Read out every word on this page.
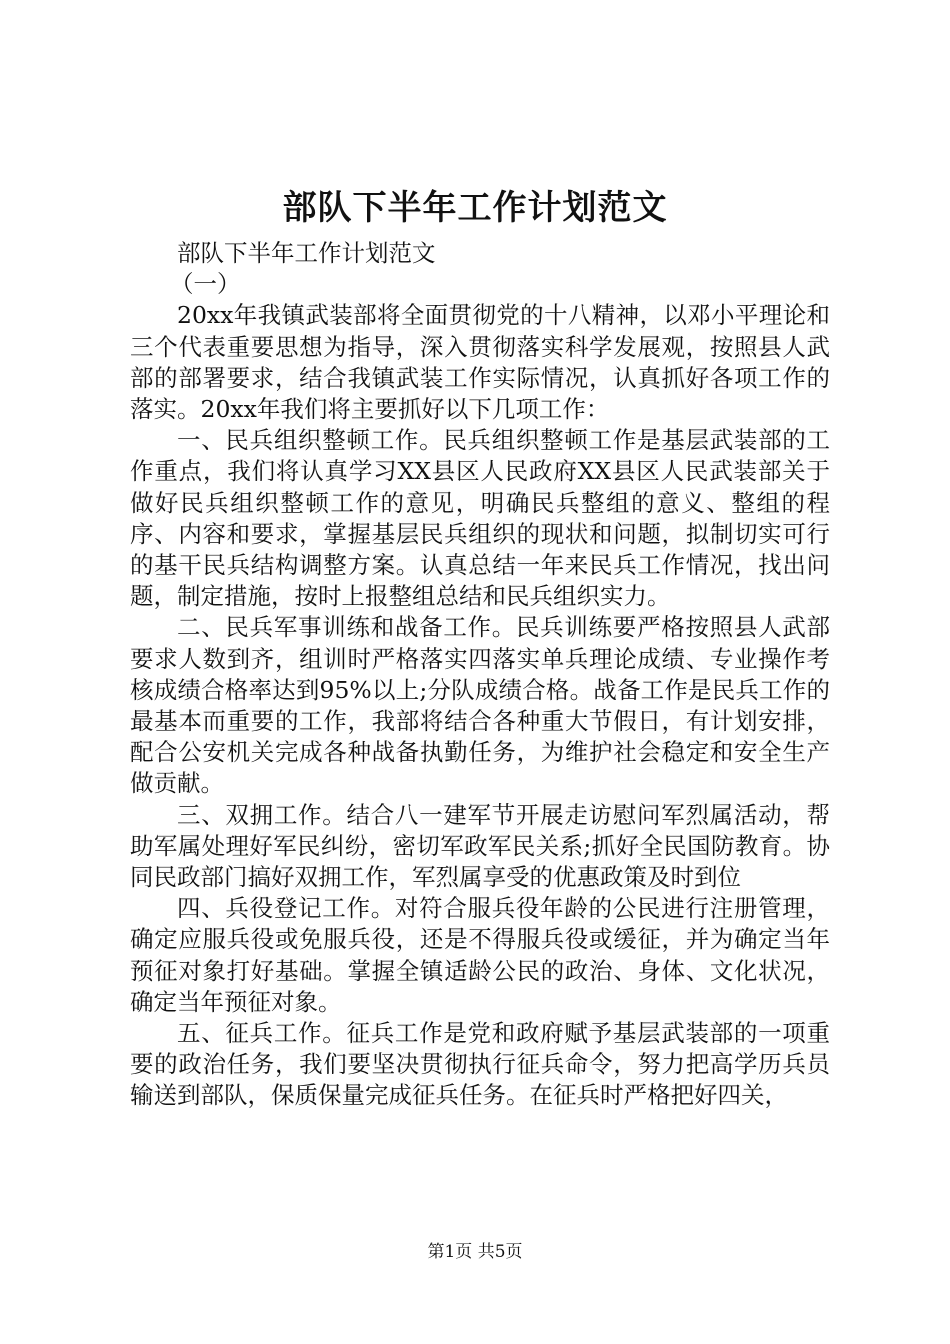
部队下半年工作计划范文

部队下半年工作计划范文

（一）

20xx年我镇武装部将全面贯彻党的十八精神，以邓小平理论和三个代表重要思想为指导，深入贯彻落实科学发展观，按照县人武部的部署要求，结合我镇武装工作实际情况，认真抓好各项工作的落实。20xx年我们将主要抓好以下几项工作：

一、民兵组织整顿工作。民兵组织整顿工作是基层武装部的工作重点，我们将认真学习XX县区人民政府XX县区人民武装部关于做好民兵组织整顿工作的意见，明确民兵整组的意义、整组的程序、内容和要求，掌握基层民兵组织的现状和问题，拟制切实可行的基干民兵结构调整方案。认真总结一年来民兵工作情况，找出问题，制定措施，按时上报整组总结和民兵组织实力。

二、民兵军事训练和战备工作。民兵训练要严格按照县人武部要求人数到齐，组训时严格落实四落实单兵理论成绩、专业操作考核成绩合格率达到95%以上;分队成绩合格。战备工作是民兵工作的最基本而重要的工作，我部将结合各种重大节假日，有计划安排，配合公安机关完成各种战备执勤任务，为维护社会稳定和安全生产做贡献。

三、双拥工作。结合八一建军节开展走访慰问军烈属活动，帮助军属处理好军民纠纷，密切军政军民关系;抓好全民国防教育。协同民政部门搞好双拥工作，军烈属享受的优惠政策及时到位

四、兵役登记工作。对符合服兵役年龄的公民进行注册管理，确定应服兵役或免服兵役，还是不得服兵役或缓征，并为确定当年预征对象打好基础。掌握全镇适龄公民的政治、身体、文化状况，确定当年预征对象。

五、征兵工作。征兵工作是党和政府赋予基层武装部的一项重要的政治任务，我们要坚决贯彻执行征兵命令，努力把高学历兵员输送到部队，保质保量完成征兵任务。在征兵时严格把好四关，

第1页 共5页
